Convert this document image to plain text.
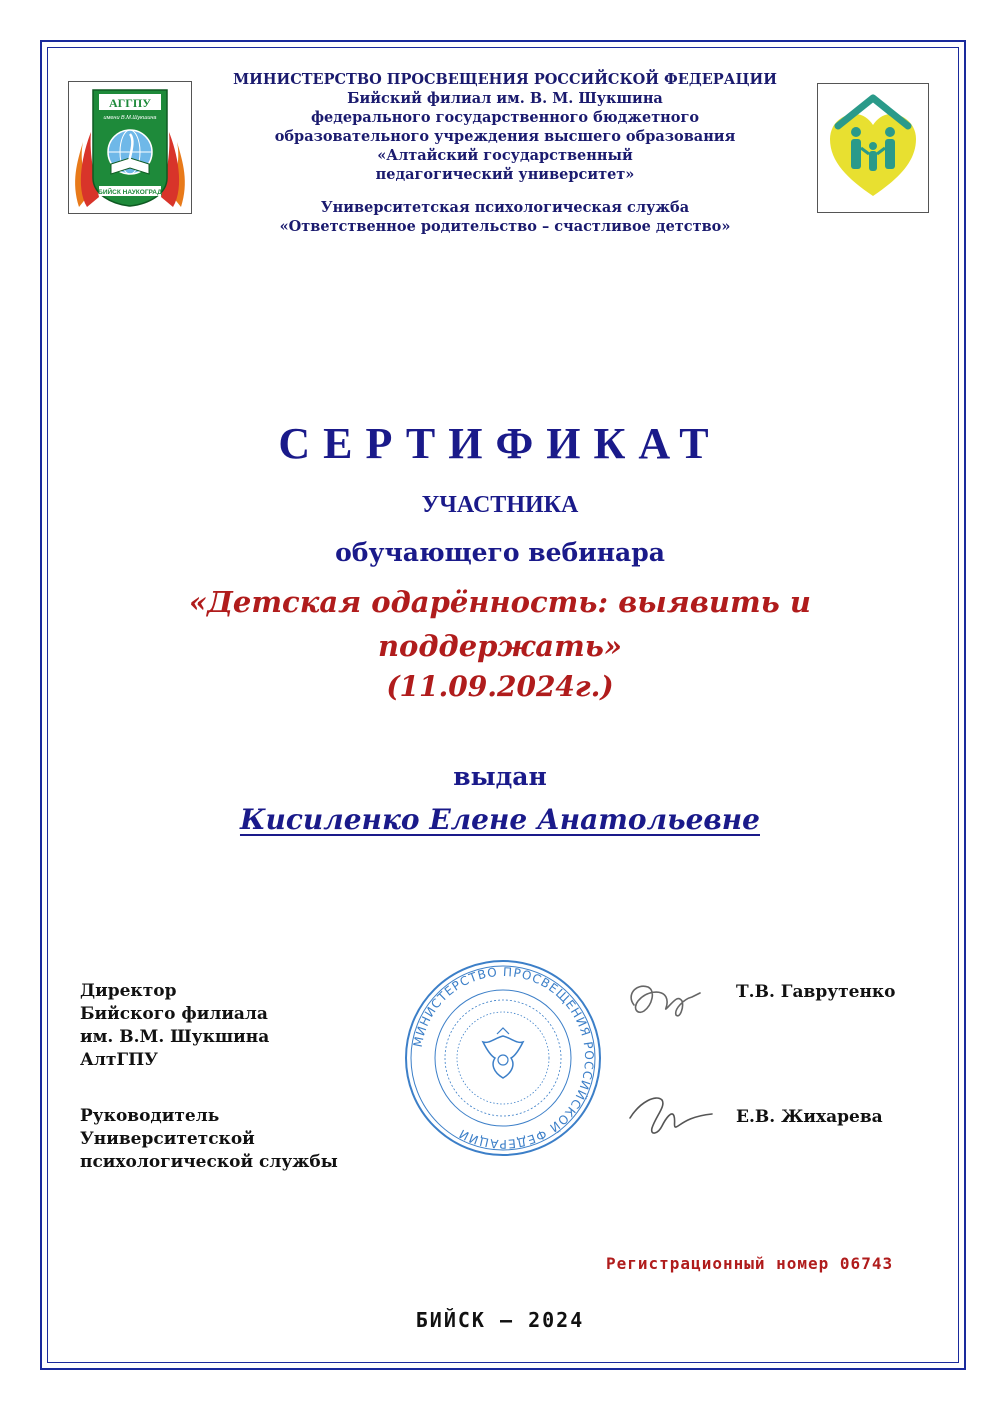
АГГПУ
имени В.М.Шукшина
БИЙСК НАУКОГРАД
МИНИСТЕРСТВО ПРОСВЕЩЕНИЯ РОССИЙСКОЙ ФЕДЕРАЦИИ
Бийский филиал им. В. М. Шукшина
федерального государственного бюджетного
образовательного учреждения высшего образования
«Алтайский государственный
педагогический университет»
Университетская психологическая служба
«Ответственное родительство – счастливое детство»
СЕРТИФИКАТ
УЧАСТНИКА
обучающего вебинара
«Детская одарённость: выявить и поддержать»
(11.09.2024г.)
выдан
Кисиленко Елене Анатольевне
Директор
Бийского филиала
им. В.М. Шукшина
АлтГПУ
Руководитель
Университетской
психологической службы
МИНИСТЕРСТВО ПРОСВЕЩЕНИЯ РОССИЙСКОЙ ФЕДЕРАЦИИ
Т.В. Гаврутенко
Е.В. Жихарева
Регистрационный номер 06743
БИЙСК – 2024
